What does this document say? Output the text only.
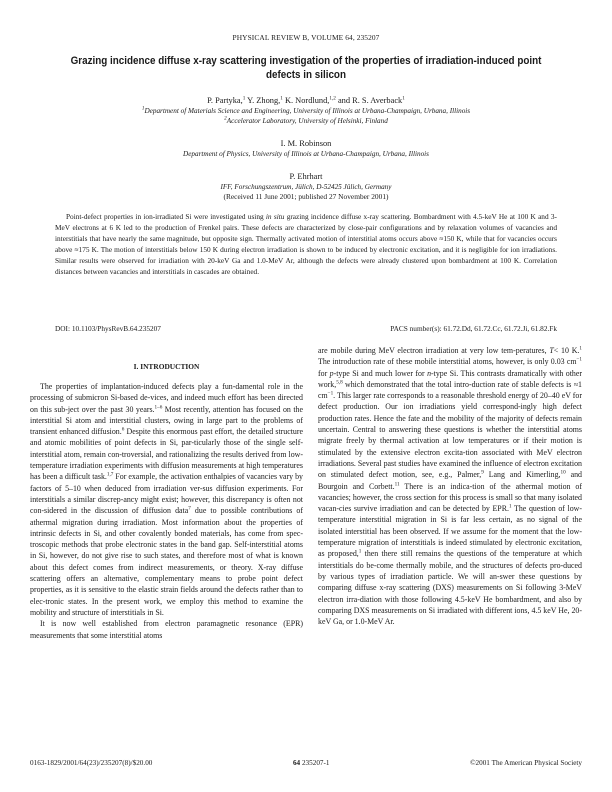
PHYSICAL REVIEW B, VOLUME 64, 235207
Grazing incidence diffuse x-ray scattering investigation of the properties of irradiation-induced point defects in silicon
P. Partyka,$^1$ Y. Zhong,$^1$ K. Nordlund,$^{1,2}$ and R. S. Averback$^1$
$^1$Department of Materials Science and Engineering, University of Illinois at Urbana-Champaign, Urbana, Illinois
$^2$Accelerator Laboratory, University of Helsinki, Finland
I. M. Robinson
Department of Physics, University of Illinois at Urbana-Champaign, Urbana, Illinois
P. Ehrhart
IFF, Forschungszentrum, Jülich, D-52425 Jülich, Germany
(Received 11 June 2001; published 27 November 2001)
Point-defect properties in ion-irradiated Si were investigated using in situ grazing incidence diffuse x-ray scattering. Bombardment with 4.5-keV He at 100 K and 3-MeV electrons at 6 K led to the production of Frenkel pairs. These defects are characterized by close-pair configurations and by relaxation volumes of vacancies and interstitials that have nearly the same magnitude, but opposite sign. Thermally activated motion of interstitial atoms occurs above ≈150 K, while that for vacancies occurs above ≈175 K. The motion of interstitials below 150 K during electron irradiation is shown to be induced by electronic excitation, and it is negligible for ion irradiations. Similar results were observed for irradiation with 20-keV Ga and 1.0-MeV Ar, although the defects were already clustered upon bombardment at 100 K. Correlation distances between vacancies and interstitials in cascades are obtained.
DOI: 10.1103/PhysRevB.64.235207	PACS number(s): 61.72.Dd, 61.72.Cc, 61.72.Ji, 61.82.Fk
I. INTRODUCTION

The properties of implantation-induced defects play a fun-damental role in the processing of submicron Si-based de-vices, and indeed much effort has been directed on this sub-ject over the past 30 years.$^{1-6}$ Most recently, attention has focused on the interstitial Si atom and interstitial clusters, owing in large part to the problems of transient enhanced diffusion.$^6$ Despite this enormous past effort, the detailed structure and atomic mobilities of point defects in Si, par-ticularly those of the single self-interstitial atom, remain con-troversial, and rationalizing the results derived from low-temperature irradiation experiments with diffusion measurements at high temperatures has been a difficult task.$^{1,7}$ For example, the activation enthalpies of vacancies vary by factors of 5–10 when deduced from irradiation ver-sus diffusion experiments. For interstitials a similar discrep-ancy might exist; however, this discrepancy is often not con-sidered in the discussion of diffusion data$^7$ due to possible contributions of athermal migration during irradiation. Most information about the properties of intrinsic defects in Si, and other covalently bonded materials, has come from spec-troscopic methods that probe electronic states in the band gap. Self-interstitial atoms in Si, however, do not give rise to such states, and therefore most of what is known about this defect comes from indirect measurements, or theory. X-ray diffuse scattering offers an alternative, complementary means to probe point defect properties, as it is sensitive to the elastic strain fields around the defects rather than to elec-tronic states. In the present work, we employ this method to examine the mobility and structure of interstitials in Si.

It is now well established from electron paramagnetic resonance (EPR) measurements that some interstitial atoms

are mobile during MeV electron irradiation at very low tem-peratures, T< 10 K.$^1$ The introduction rate of these mobile interstitial atoms, however, is only 0.03 $cm^{-1}$ for p-type Si and much lower for n-type Si. This contrasts dramatically with other work,$^{5,8}$ which demonstrated that the total intro-duction rate of stable defects is ≈1 $cm^{-1}$. This larger rate corresponds to a reasonable threshold energy of 20–40 eV for defect production. Our ion irradiations yield correspond-ingly high defect production rates. Hence the fate and the mobility of the majority of defects remain uncertain. Central to answering these questions is whether the interstitial atoms migrate freely by thermal activation at low temperatures or if their motion is stimulated by the extensive electron excita-tion associated with MeV electron irradiations. Several past studies have examined the influence of electron excitation on stimulated defect motion, see, e.g., Palmer,$^9$ Lang and Kimerling,$^{10}$ and Bourgoin and Corbett.$^{11}$ There is an indica-tion of the athermal motion of vacancies; however, the cross section for this process is small so that many isolated vacan-cies survive irradiation and can be detected by EPR.$^1$ The question of low-temperature interstitial migration in Si is far less certain, as no signal of the isolated interstitial has been observed. If we assume for the moment that the low-temperature migration of interstitials is indeed stimulated by electronic excitation, as proposed,$^1$ then there still remains the questions of the temperature at which interstitials do be-come thermally mobile, and the structures of defects pro-duced by various types of irradiation particle. We will an-swer these questions by comparing diffuse x-ray scattering (DXS) measurements on Si following 3-MeV electron irra-diation with those following 4.5-keV He bombardment, and also by comparing DXS measurements on Si irradiated with different ions, 4.5 keV He, 20-keV Ga, or 1.0-MeV Ar.

0163-1829/2001/64(23)/235207(8)/$20.00	64 235207-1	©2001 The American Physical Society
